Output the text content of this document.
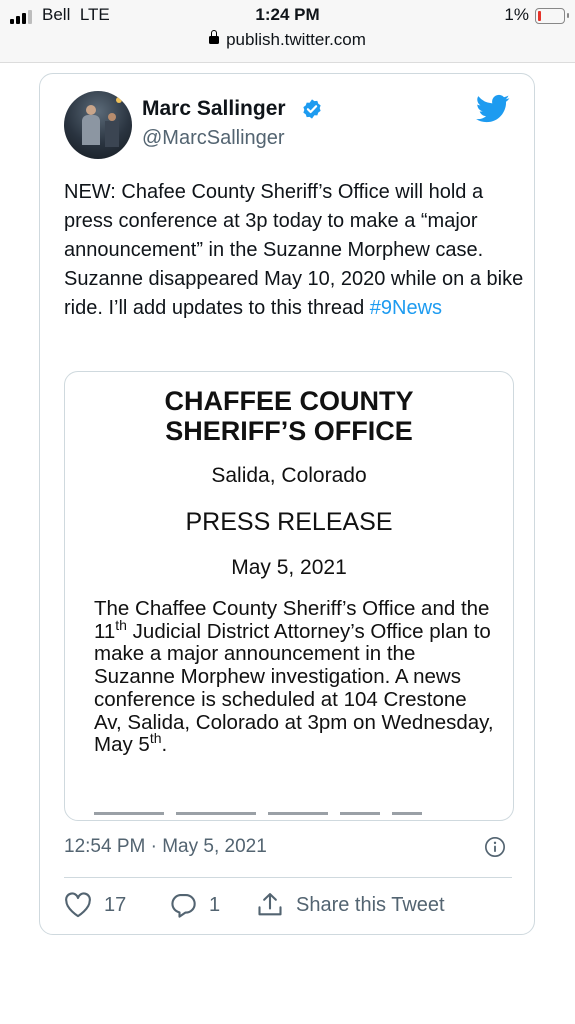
Bell LTE	1:24 PM	1%
publish.twitter.com
Marc Sallinger
@MarcSallinger
NEW: Chafee County Sheriff’s Office will hold a press conference at 3p today to make a “major announcement” in the Suzanne Morphew case. Suzanne disappeared May 10, 2020 while on a bike ride. I’ll add updates to this thread #9News
CHAFFEE COUNTY
SHERIFF’S OFFICE
Salida, Colorado
PRESS RELEASE
May 5, 2021
The Chaffee County Sheriff’s Office and the 11th Judicial District Attorney’s Office plan to make a major announcement in the Suzanne Morphew investigation. A news conference is scheduled at 104 Crestone Av, Salida, Colorado at 3pm on Wednesday, May 5th.
12:54 PM · May 5, 2021
17	1	Share this Tweet
